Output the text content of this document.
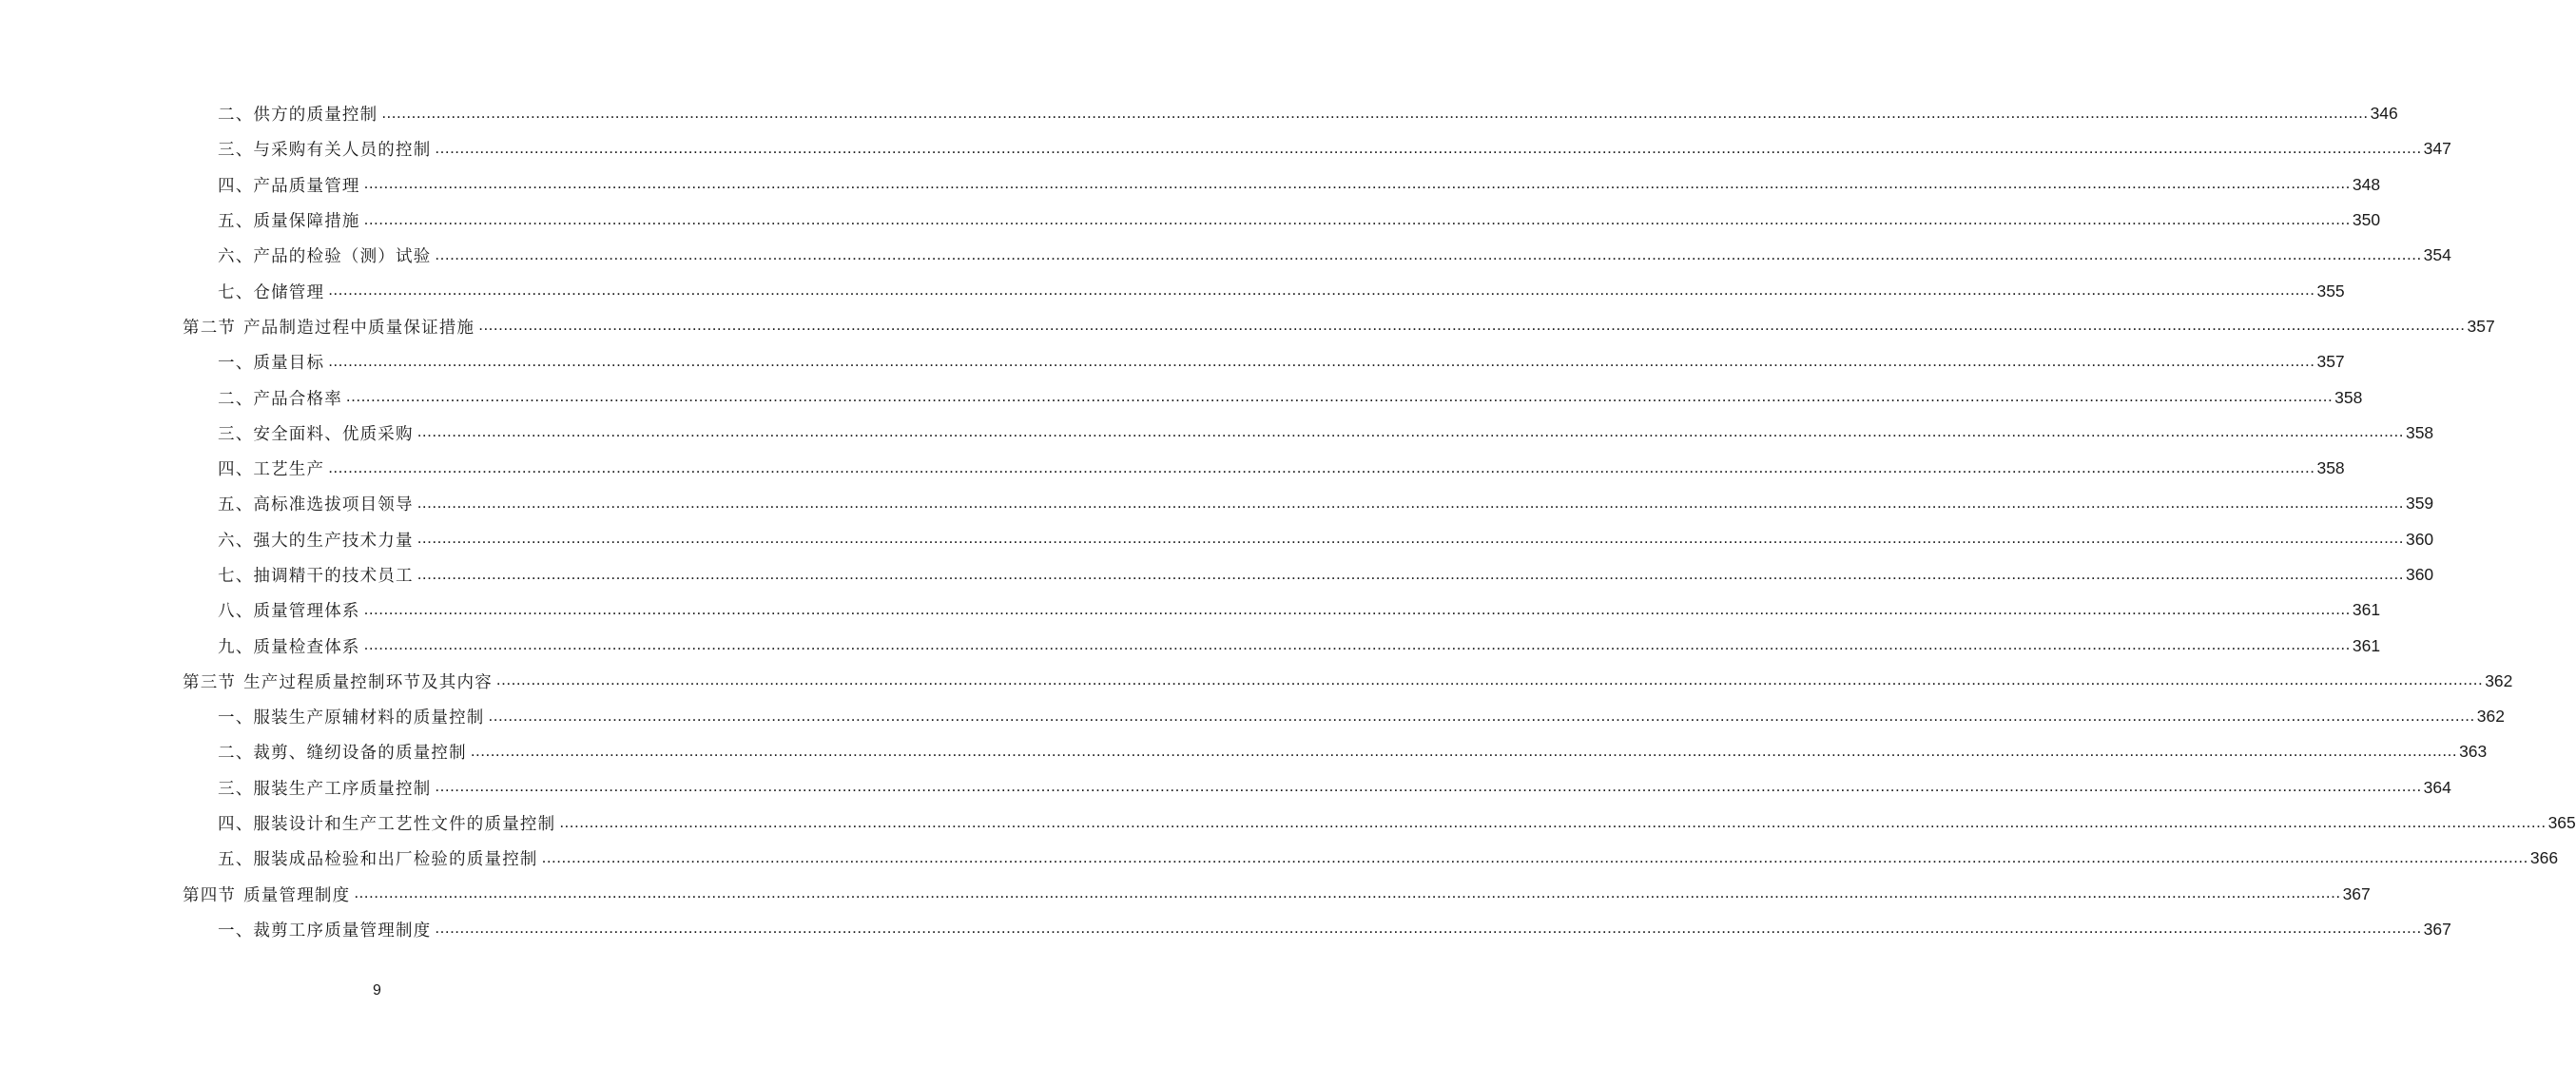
二、供方的质量控制 ................................................................................................................................................................................................................................................................................................................................................................................................................ 346
三、与采购有关人员的控制 ................................................................................................................................................................................................................................................................................................................................................................................................................ 347
四、产品质量管理 ................................................................................................................................................................................................................................................................................................................................................................................................................ 348
五、质量保障措施 ................................................................................................................................................................................................................................................................................................................................................................................................................ 350
六、产品的检验（测）试验 ................................................................................................................................................................................................................................................................................................................................................................................................................ 354
七、仓储管理 ................................................................................................................................................................................................................................................................................................................................................................................................................ 355
第二节 产品制造过程中质量保证措施 ................................................................................................................................................................................................................................................................................................................................................................................................................ 357
一、质量目标 ................................................................................................................................................................................................................................................................................................................................................................................................................ 357
二、产品合格率 ................................................................................................................................................................................................................................................................................................................................................................................................................ 358
三、安全面料、优质采购 ................................................................................................................................................................................................................................................................................................................................................................................................................ 358
四、工艺生产 ................................................................................................................................................................................................................................................................................................................................................................................................................ 358
五、高标准选拔项目领导 ................................................................................................................................................................................................................................................................................................................................................................................................................ 359
六、强大的生产技术力量 ................................................................................................................................................................................................................................................................................................................................................................................................................ 360
七、抽调精干的技术员工 ................................................................................................................................................................................................................................................................................................................................................................................................................ 360
八、质量管理体系 ................................................................................................................................................................................................................................................................................................................................................................................................................ 361
九、质量检查体系 ................................................................................................................................................................................................................................................................................................................................................................................................................ 361
第三节 生产过程质量控制环节及其内容 ................................................................................................................................................................................................................................................................................................................................................................................................................ 362
一、服装生产原辅材料的质量控制 ................................................................................................................................................................................................................................................................................................................................................................................................................ 362
二、裁剪、缝纫设备的质量控制 ................................................................................................................................................................................................................................................................................................................................................................................................................ 363
三、服装生产工序质量控制 ................................................................................................................................................................................................................................................................................................................................................................................................................ 364
四、服装设计和生产工艺性文件的质量控制 ................................................................................................................................................................................................................................................................................................................................................................................................................ 365
五、服装成品检验和出厂检验的质量控制 ................................................................................................................................................................................................................................................................................................................................................................................................................ 366
第四节 质量管理制度 ................................................................................................................................................................................................................................................................................................................................................................................................................ 367
一、裁剪工序质量管理制度 ................................................................................................................................................................................................................................................................................................................................................................................................................ 367
9
